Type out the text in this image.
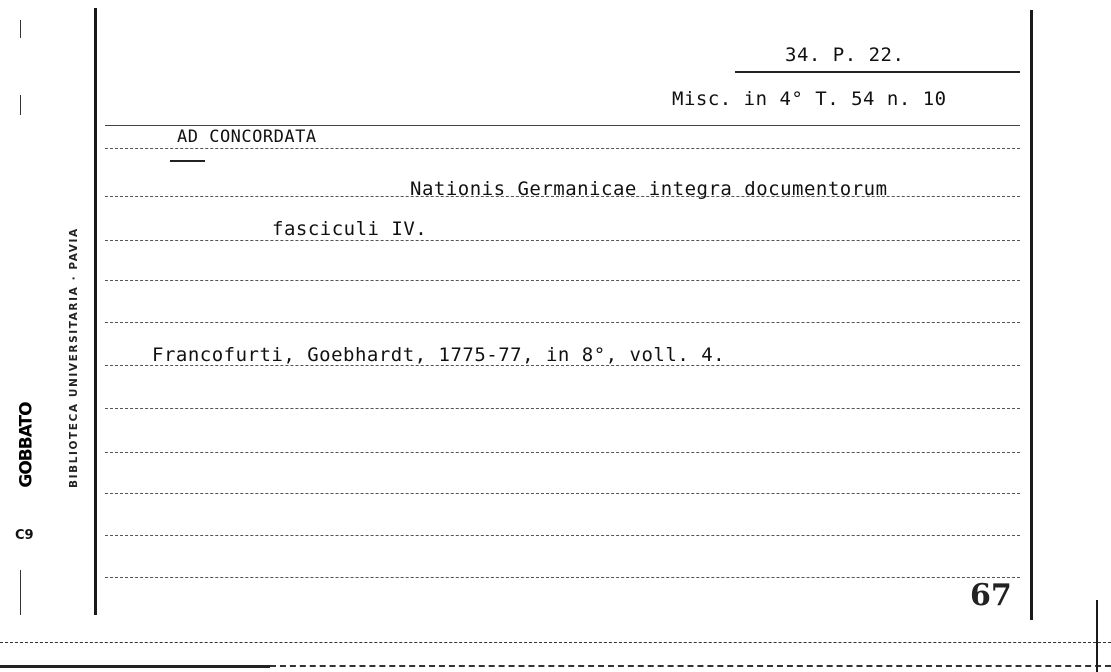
34. P. 22.
Misc. in 4° T. 54 n. 10
AD CONCORDATA
Nationis Germanicae integra documentorum
fasciculi IV.
Francofurti, Goebhardt, 1775-77, in 8°, voll. 4.
BIBLIOTECA UNIVERSITARIA · PAVIA
GOBBATO
C9
67
